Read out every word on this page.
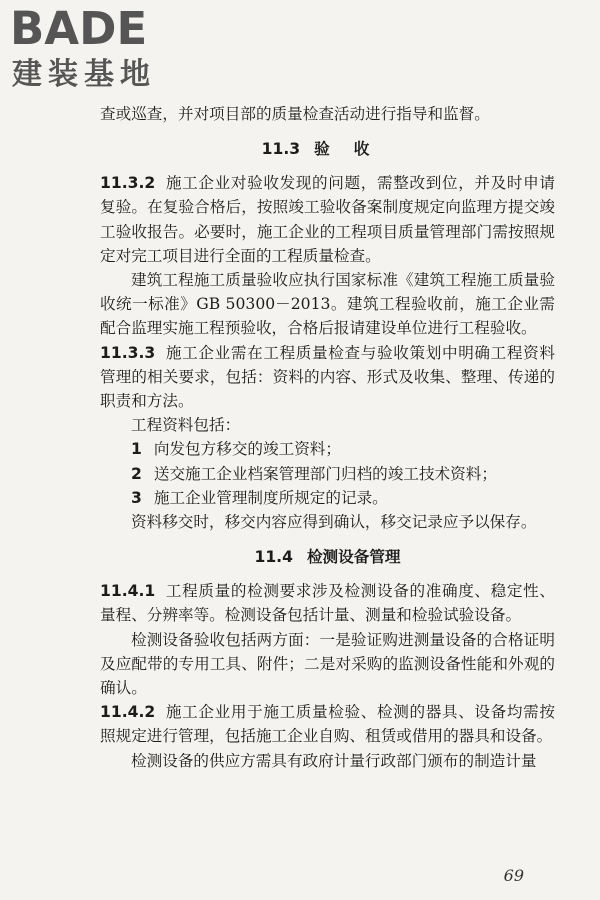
BADE
建装基地

查或巡查，并对项目部的质量检查活动进行指导和监督。

11.3 验收

11.3.2 施工企业对验收发现的问题，需整改到位，并及时申请复验。在复验合格后，按照竣工验收备案制度规定向监理方提交竣工验收报告。必要时，施工企业的工程项目质量管理部门需按照规定对完工项目进行全面的工程质量检查。

建筑工程施工质量验收应执行国家标准《建筑工程施工质量验收统一标准》GB 50300－2013。建筑工程验收前，施工企业需配合监理实施工程预验收，合格后报请建设单位进行工程验收。

11.3.3 施工企业需在工程质量检查与验收策划中明确工程资料管理的相关要求，包括：资料的内容、形式及收集、整理、传递的职责和方法。

工程资料包括：

1 向发包方移交的竣工资料；

2 送交施工企业档案管理部门归档的竣工技术资料；

3 施工企业管理制度所规定的记录。

资料移交时，移交内容应得到确认，移交记录应予以保存。

11.4 检测设备管理

11.4.1 工程质量的检测要求涉及检测设备的准确度、稳定性、量程、分辨率等。检测设备包括计量、测量和检验试验设备。

检测设备验收包括两方面：一是验证购进测量设备的合格证明及应配带的专用工具、附件；二是对采购的监测设备性能和外观的确认。

11.4.2 施工企业用于施工质量检验、检测的器具、设备均需按照规定进行管理，包括施工企业自购、租赁或借用的器具和设备。

检测设备的供应方需具有政府计量行政部门颁布的制造计量

69
